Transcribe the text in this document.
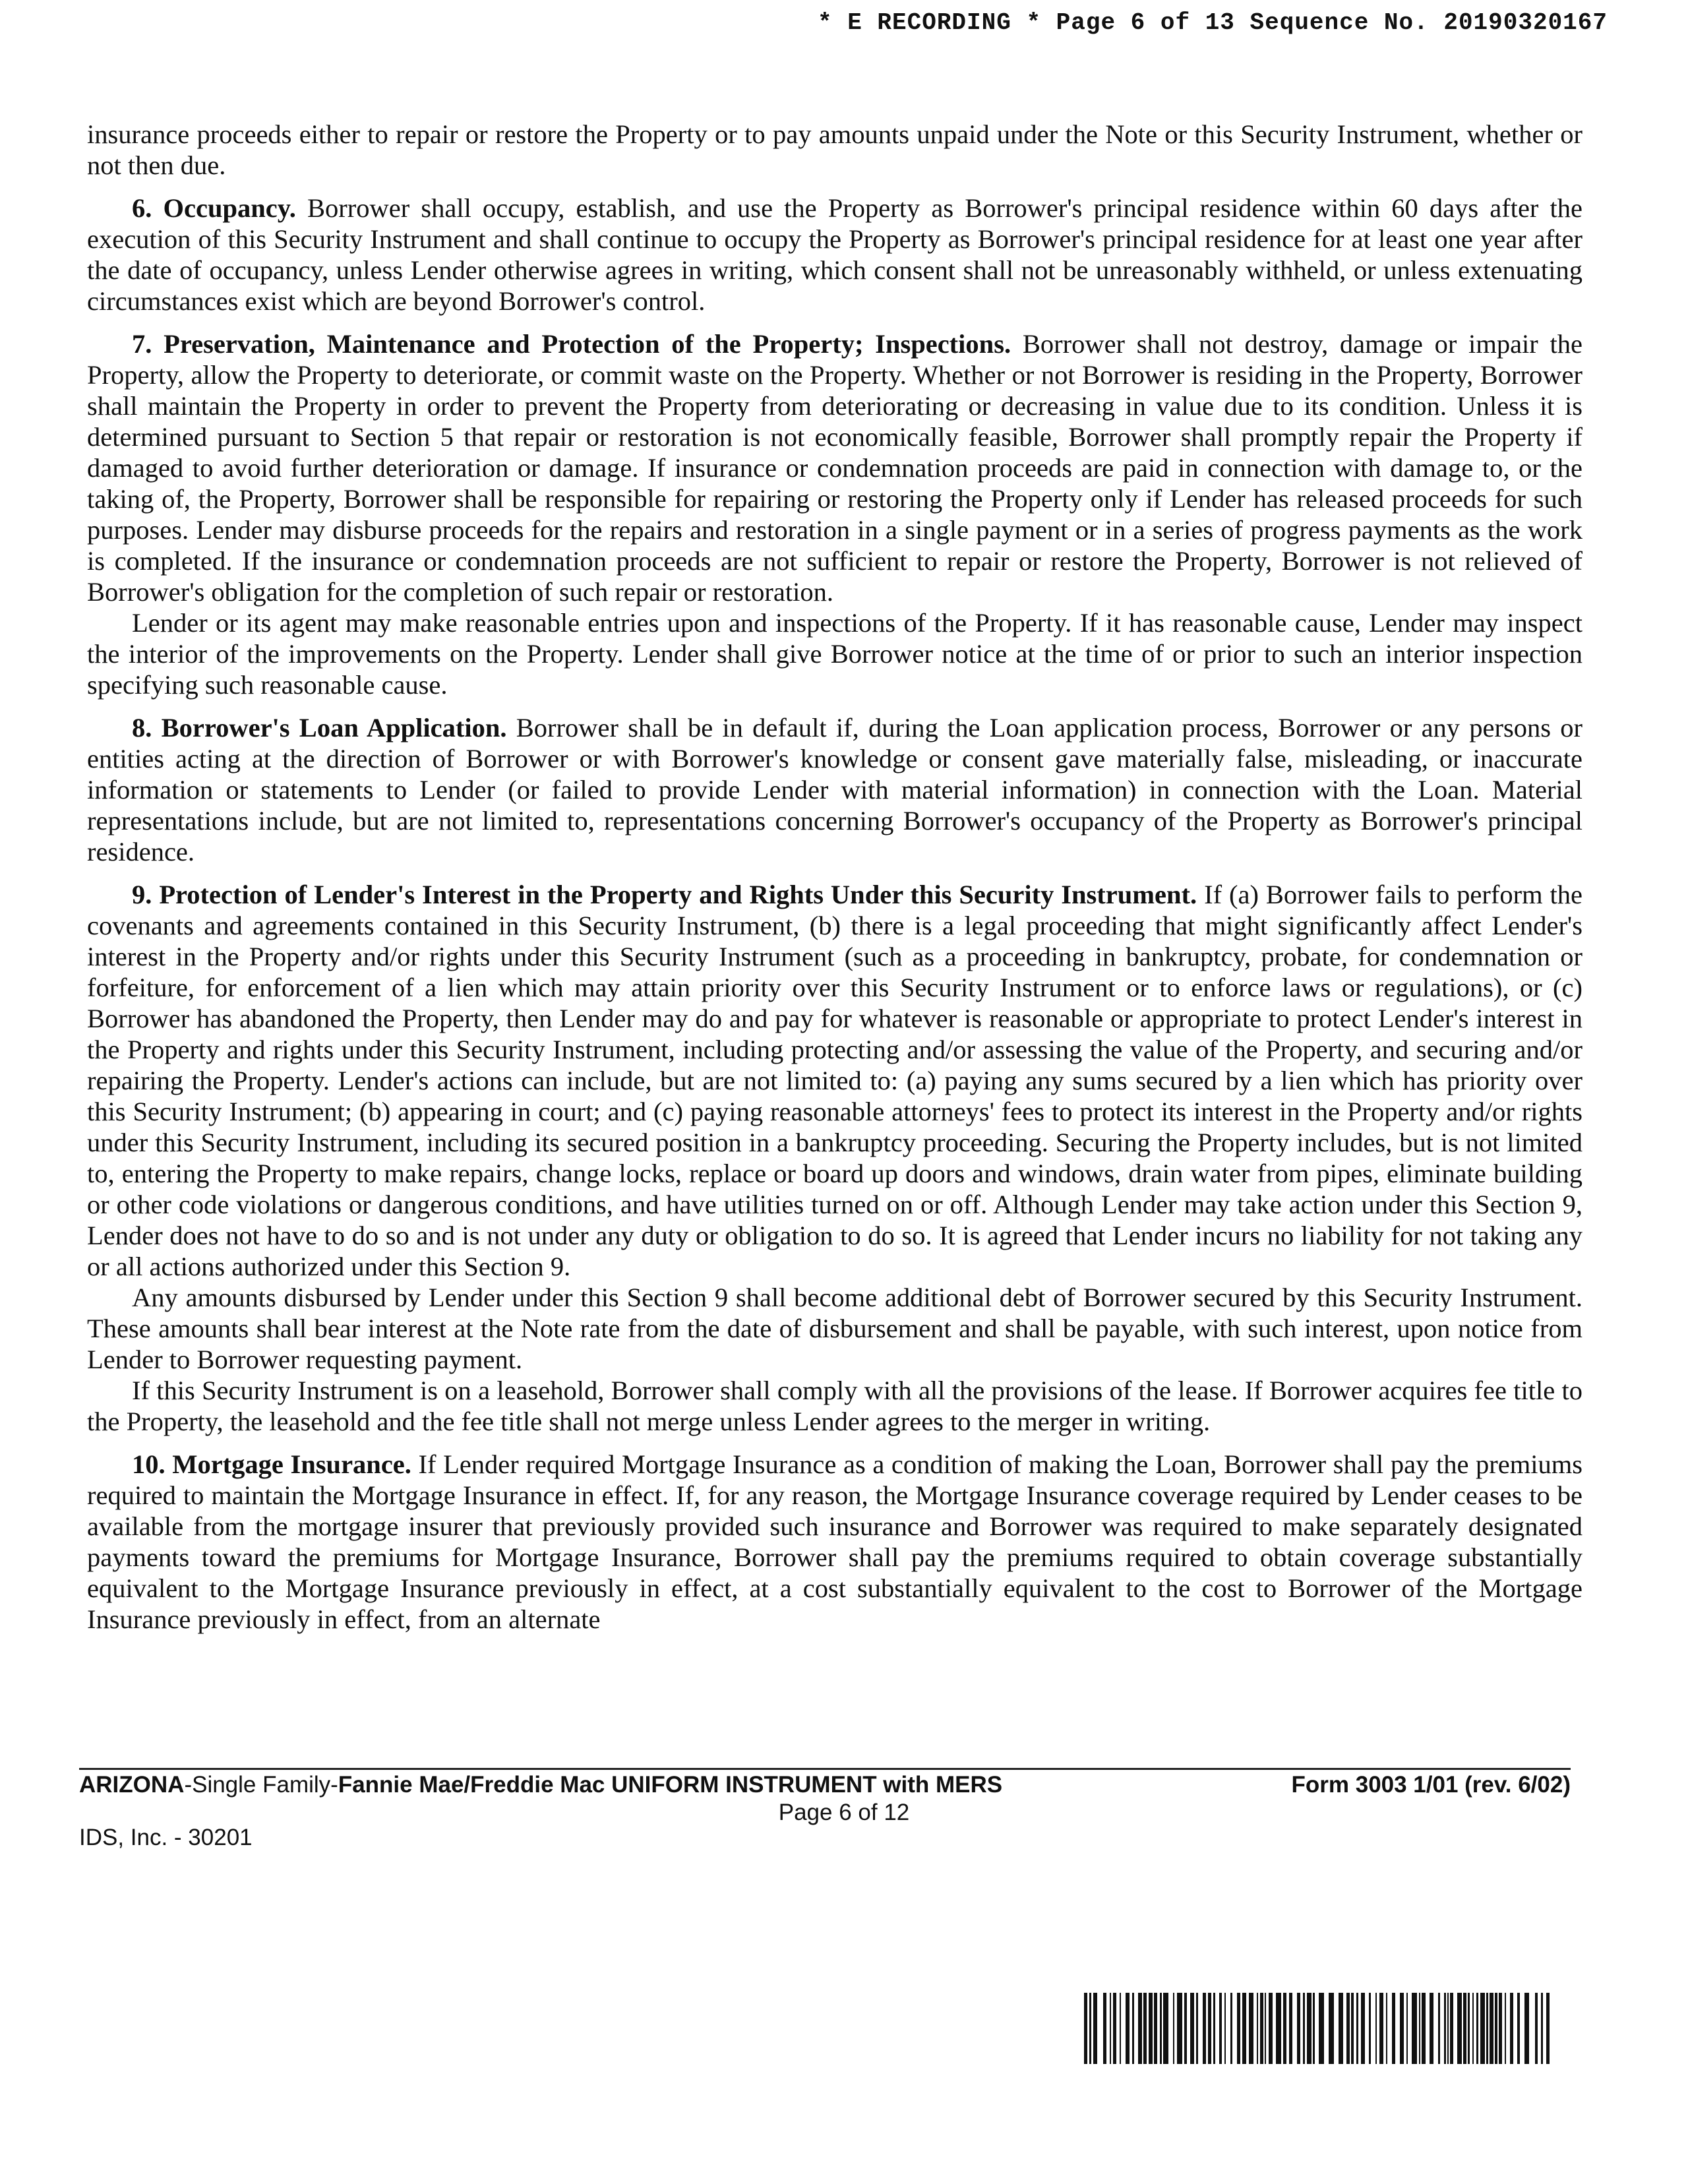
* E RECORDING * Page 6 of 13 Sequence No. 20190320167

insurance proceeds either to repair or restore the Property or to pay amounts unpaid under the Note or this Security Instrument, whether or not then due.

6. Occupancy. Borrower shall occupy, establish, and use the Property as Borrower's principal residence within 60 days after the execution of this Security Instrument and shall continue to occupy the Property as Borrower's principal residence for at least one year after the date of occupancy, unless Lender otherwise agrees in writing, which consent shall not be unreasonably withheld, or unless extenuating circumstances exist which are beyond Borrower's control.

7. Preservation, Maintenance and Protection of the Property; Inspections. Borrower shall not destroy, damage or impair the Property, allow the Property to deteriorate, or commit waste on the Property. Whether or not Borrower is residing in the Property, Borrower shall maintain the Property in order to prevent the Property from deteriorating or decreasing in value due to its condition. Unless it is determined pursuant to Section 5 that repair or restoration is not economically feasible, Borrower shall promptly repair the Property if damaged to avoid further deterioration or damage. If insurance or condemnation proceeds are paid in connection with damage to, or the taking of, the Property, Borrower shall be responsible for repairing or restoring the Property only if Lender has released proceeds for such purposes. Lender may disburse proceeds for the repairs and restoration in a single payment or in a series of progress payments as the work is completed. If the insurance or condemnation proceeds are not sufficient to repair or restore the Property, Borrower is not relieved of Borrower's obligation for the completion of such repair or restoration.

Lender or its agent may make reasonable entries upon and inspections of the Property. If it has reasonable cause, Lender may inspect the interior of the improvements on the Property. Lender shall give Borrower notice at the time of or prior to such an interior inspection specifying such reasonable cause.

8. Borrower's Loan Application. Borrower shall be in default if, during the Loan application process, Borrower or any persons or entities acting at the direction of Borrower or with Borrower's knowledge or consent gave materially false, misleading, or inaccurate information or statements to Lender (or failed to provide Lender with material information) in connection with the Loan. Material representations include, but are not limited to, representations concerning Borrower's occupancy of the Property as Borrower's principal residence.

9. Protection of Lender's Interest in the Property and Rights Under this Security Instrument. If (a) Borrower fails to perform the covenants and agreements contained in this Security Instrument, (b) there is a legal proceeding that might significantly affect Lender's interest in the Property and/or rights under this Security Instrument (such as a proceeding in bankruptcy, probate, for condemnation or forfeiture, for enforcement of a lien which may attain priority over this Security Instrument or to enforce laws or regulations), or (c) Borrower has abandoned the Property, then Lender may do and pay for whatever is reasonable or appropriate to protect Lender's interest in the Property and rights under this Security Instrument, including protecting and/or assessing the value of the Property, and securing and/or repairing the Property. Lender's actions can include, but are not limited to: (a) paying any sums secured by a lien which has priority over this Security Instrument; (b) appearing in court; and (c) paying reasonable attorneys' fees to protect its interest in the Property and/or rights under this Security Instrument, including its secured position in a bankruptcy proceeding. Securing the Property includes, but is not limited to, entering the Property to make repairs, change locks, replace or board up doors and windows, drain water from pipes, eliminate building or other code violations or dangerous conditions, and have utilities turned on or off. Although Lender may take action under this Section 9, Lender does not have to do so and is not under any duty or obligation to do so. It is agreed that Lender incurs no liability for not taking any or all actions authorized under this Section 9.

Any amounts disbursed by Lender under this Section 9 shall become additional debt of Borrower secured by this Security Instrument. These amounts shall bear interest at the Note rate from the date of disbursement and shall be payable, with such interest, upon notice from Lender to Borrower requesting payment.

If this Security Instrument is on a leasehold, Borrower shall comply with all the provisions of the lease. If Borrower acquires fee title to the Property, the leasehold and the fee title shall not merge unless Lender agrees to the merger in writing.

10. Mortgage Insurance. If Lender required Mortgage Insurance as a condition of making the Loan, Borrower shall pay the premiums required to maintain the Mortgage Insurance in effect. If, for any reason, the Mortgage Insurance coverage required by Lender ceases to be available from the mortgage insurer that previously provided such insurance and Borrower was required to make separately designated payments toward the premiums for Mortgage Insurance, Borrower shall pay the premiums required to obtain coverage substantially equivalent to the Mortgage Insurance previously in effect, at a cost substantially equivalent to the cost to Borrower of the Mortgage Insurance previously in effect, from an alternate

ARIZONA-Single Family-Fannie Mae/Freddie Mac UNIFORM INSTRUMENT with MERS	Form 3003 1/01 (rev. 6/02)
Page 6 of 12
IDS, Inc. - 30201
